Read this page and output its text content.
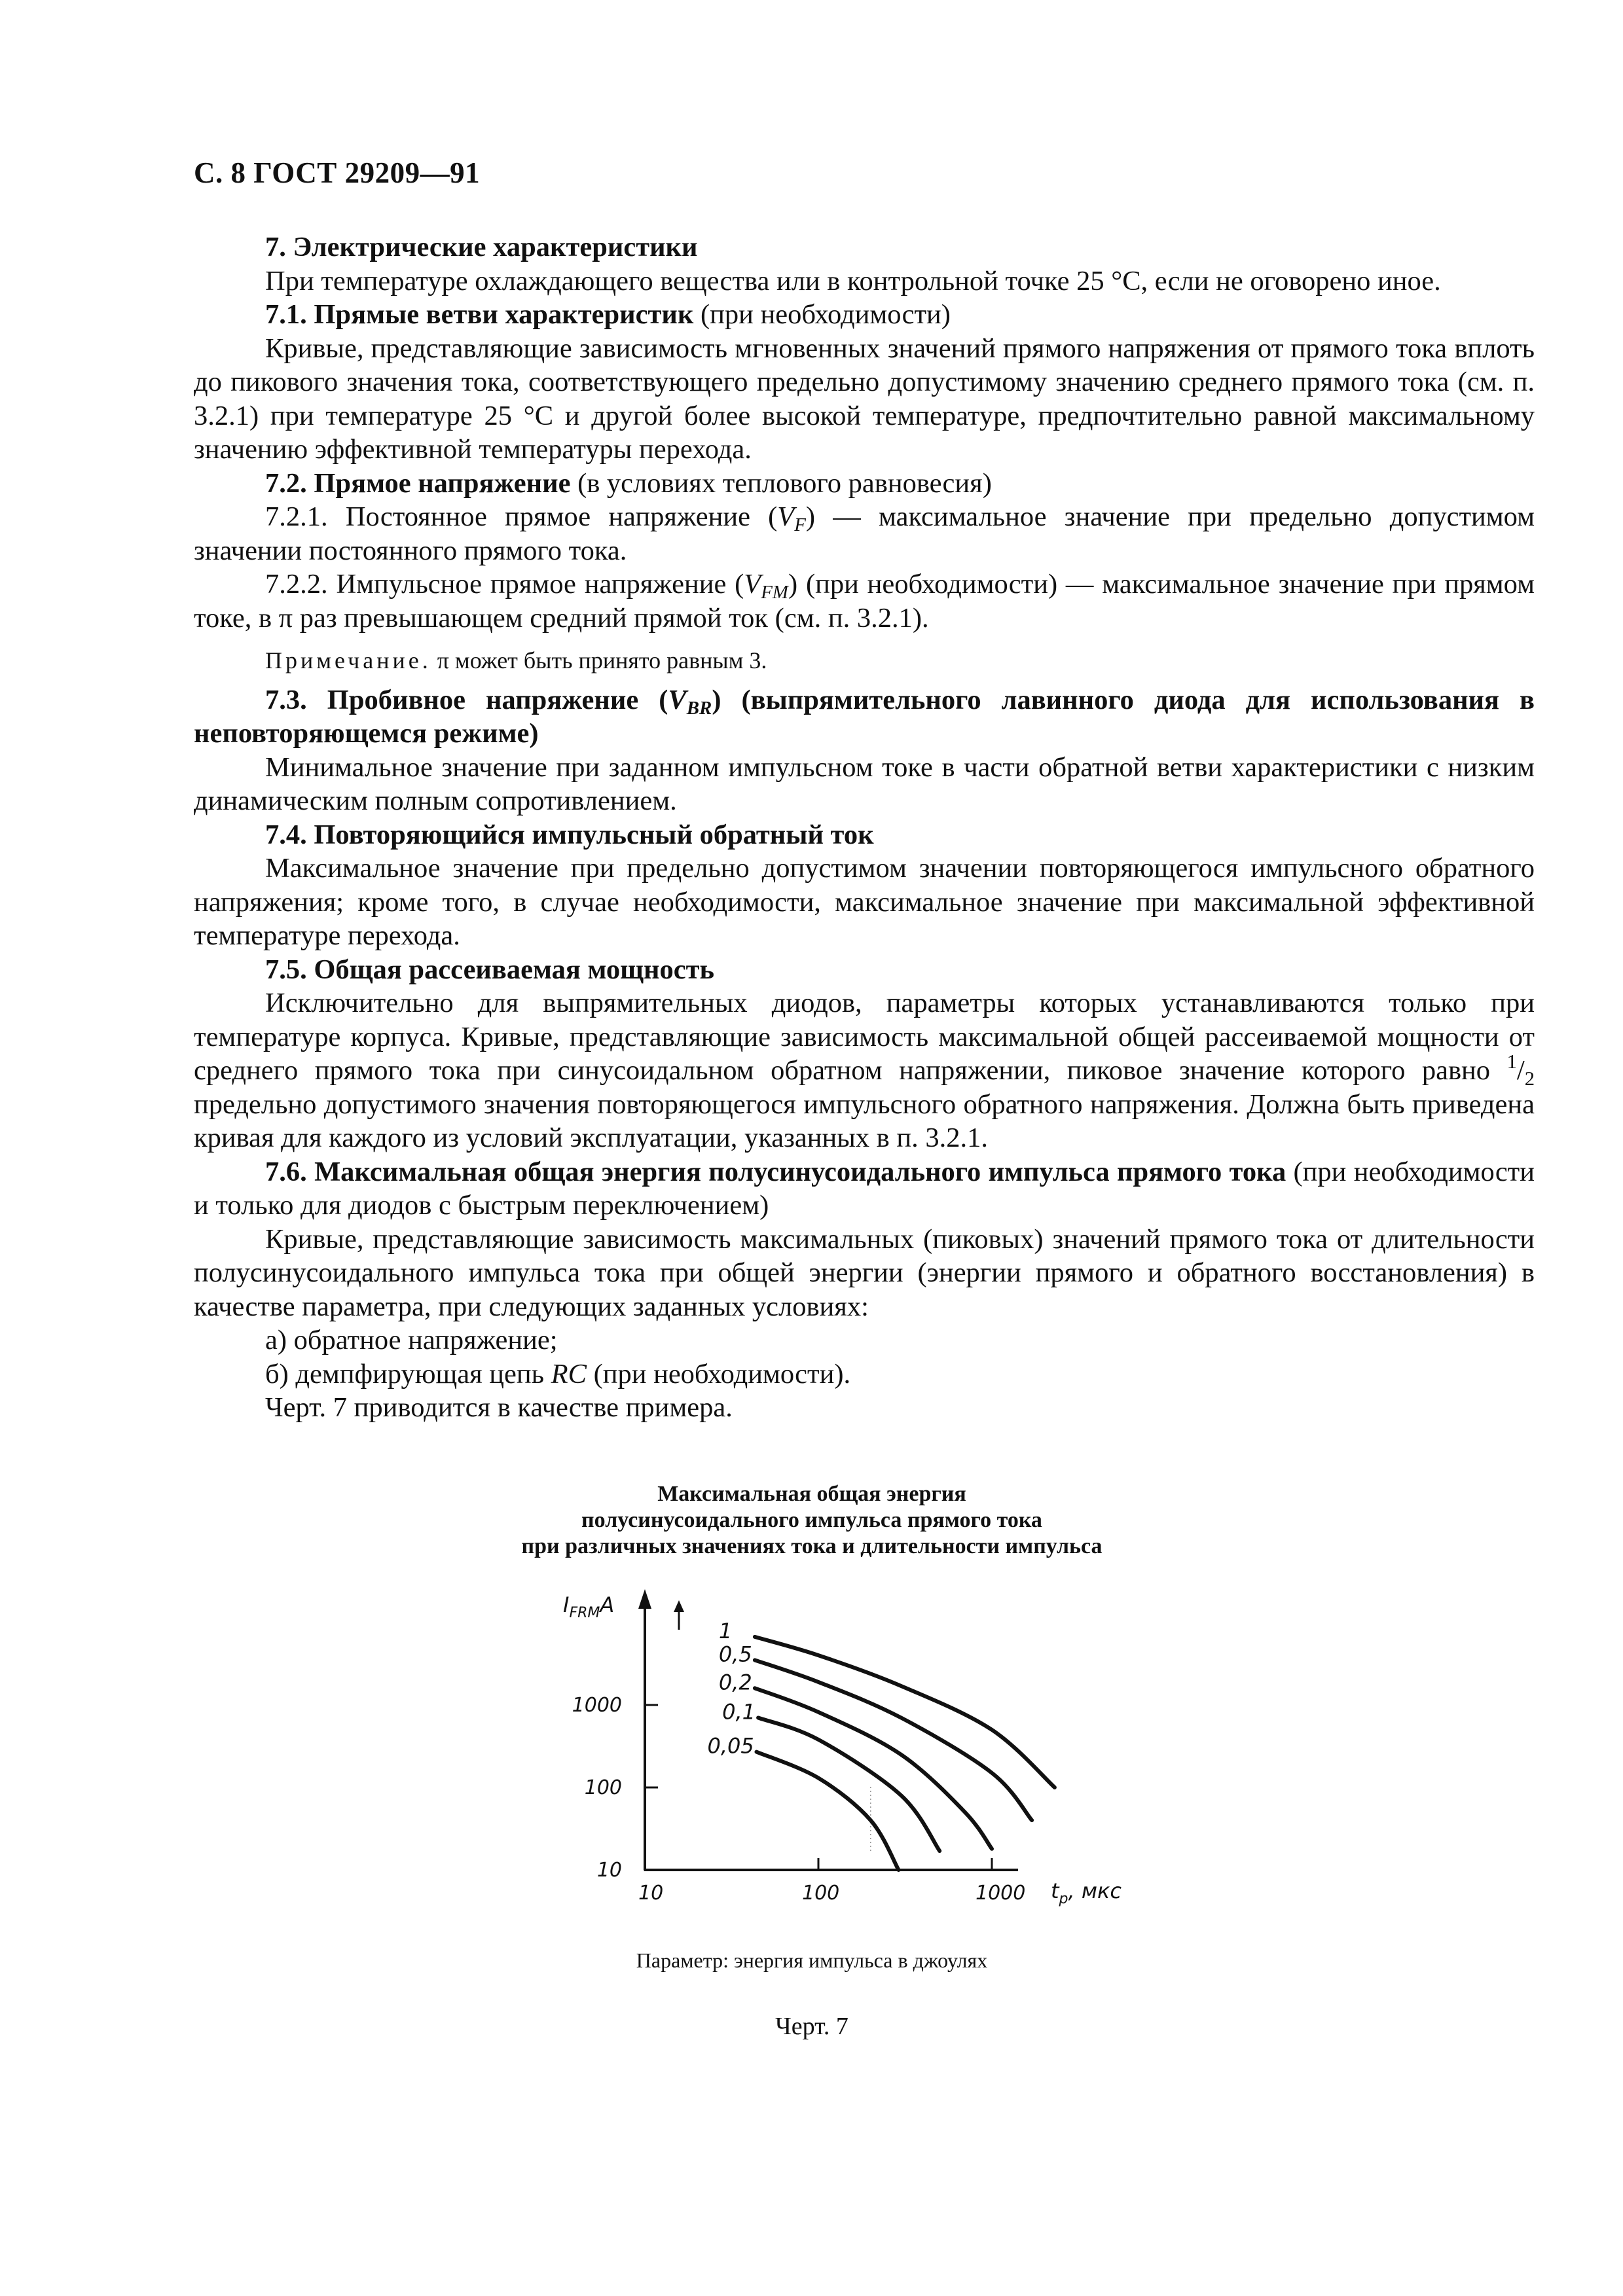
С. 8 ГОСТ 29209—91

7. Электрические характеристики

При температуре охлаждающего вещества или в контрольной точке 25 °С, если не оговорено иное.

7.1. Прямые ветви характеристик (при необходимости)

Кривые, представляющие зависимость мгновенных значений прямого напряжения от прямого тока вплоть до пикового значения тока, соответствующего предельно допустимому значению среднего прямого тока (см. п. 3.2.1) при температуре 25 °С и другой более высокой температуре, предпочтительно равной максимальному значению эффективной температуры перехода.

7.2. Прямое напряжение (в условиях теплового равновесия)

7.2.1. Постоянное прямое напряжение $(V_F)$ — максимальное значение при предельно допустимом значении постоянного прямого тока.

7.2.2. Импульсное прямое напряжение $(V_{FM})$ (при необходимости) — максимальное значение при прямом токе, в π раз превышающем средний прямой ток (см. п. 3.2.1).

Примечание. π может быть принято равным 3.

7.3. Пробивное напряжение $(V_{BR})$ (выпрямительного лавинного диода для использования в неповторяющемся режиме)

Минимальное значение при заданном импульсном токе в части обратной ветви характеристики с низким динамическим полным сопротивлением.

7.4. Повторяющийся импульсный обратный ток

Максимальное значение при предельно допустимом значении повторяющегося импульсного обратного напряжения; кроме того, в случае необходимости, максимальное значение при максимальной эффективной температуре перехода.

7.5. Общая рассеиваемая мощность

Исключительно для выпрямительных диодов, параметры которых устанавливаются только при температуре корпуса. Кривые, представляющие зависимость максимальной общей рассеиваемой мощности от среднего прямого тока при синусоидальном обратном напряжении, пиковое значение которого равно $^1/_2$ предельно допустимого значения повторяющегося импульсного обратного напряжения. Должна быть приведена кривая для каждого из условий эксплуатации, указанных в п. 3.2.1.

7.6. Максимальная общая энергия полусинусоидального импульса прямого тока (при необходимости и только для диодов с быстрым переключением)

Кривые, представляющие зависимость максимальных (пиковых) значений прямого тока от длительности полусинусоидального импульса тока при общей энергии (энергии прямого и обратного восстановления) в качестве параметра, при следующих заданных условиях:

а) обратное напряжение;

б) демпфирующая цепь RC (при необходимости).

Черт. 7 приводится в качестве примера.

Максимальная общая энергия
полусинусоидального импульса прямого тока
при различных значениях тока и длительности импульса
10	100	1000
10
100
1000
$I_{FRM}A$
$t_p$, мкс
1
0,5
0,2
0,1
0,05
Параметр: энергия импульса в джоулях
Черт. 7
